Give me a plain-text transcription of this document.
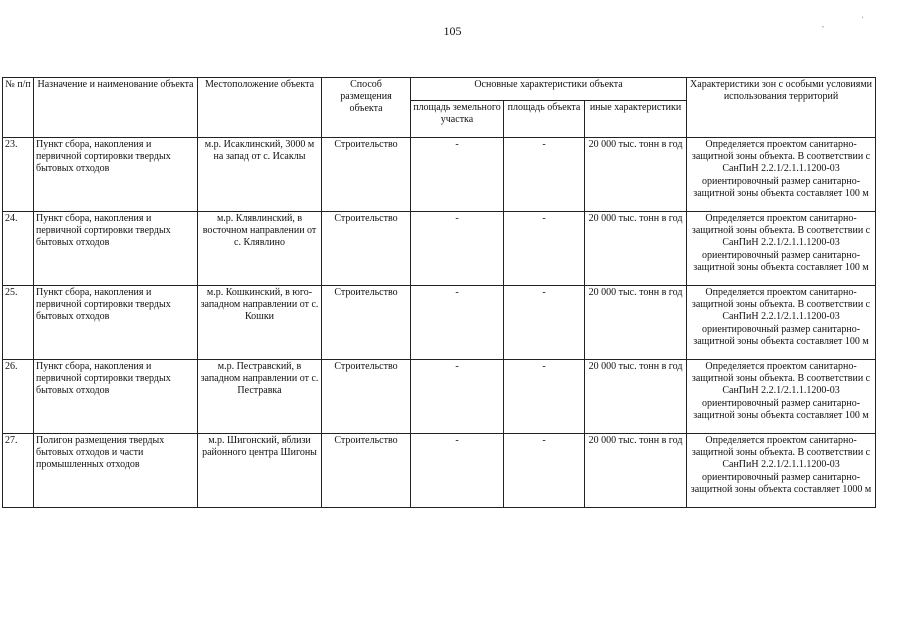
105	,
'
№ п/п	Назначение и наименование объекта	Местоположение объекта	Способ размещения объекта	Основные характеристики объекта			Характеристики зон с особыми условиями использования территорий
				площадь земельного участка	площадь объекта	иные характеристики	
23.	Пункт сбора, накопления и первичной сортировки твердых бытовых отходов	м.р. Исаклинский, 3000 м на запад от с. Исаклы	Строительство	-	-	20 000 тыс. тонн в год	Определяется проектом санитарно-защитной зоны объекта. В соответствии с СанПиН 2.2.1/2.1.1.1200-03 ориентировочный размер санитарно-защитной зоны объекта составляет 100 м
24.	Пункт сбора, накопления и первичной сортировки твердых бытовых отходов	м.р. Клявлинский, в восточном направлении от с. Клявлино	Строительство	-	-	20 000 тыс. тонн в год	Определяется проектом санитарно-защитной зоны объекта. В соответствии с СанПиН 2.2.1/2.1.1.1200-03 ориентировочный размер санитарно-защитной зоны объекта составляет 100 м
25.	Пункт сбора, накопления и первичной сортировки твердых бытовых отходов	м.р. Кошкинский, в юго-западном направлении от с. Кошки	Строительство	-	-	20 000 тыс. тонн в год	Определяется проектом санитарно-защитной зоны объекта. В соответствии с СанПиН 2.2.1/2.1.1.1200-03 ориентировочный размер санитарно-защитной зоны объекта составляет 100 м
26.	Пункт сбора, накопления и первичной сортировки твердых бытовых отходов	м.р. Пестравский, в западном направлении от с. Пестравка	Строительство	-	-	20 000 тыс. тонн в год	Определяется проектом санитарно-защитной зоны объекта. В соответствии с СанПиН 2.2.1/2.1.1.1200-03 ориентировочный размер санитарно-защитной зоны объекта составляет 100 м
27.	Полигон размещения твердых бытовых отходов и части промышленных отходов	м.р. Шигонский, вблизи районного центра Шигоны	Строительство	-	-	20 000 тыс. тонн в год	Определяется проектом санитарно-защитной зоны объекта. В соответствии с СанПиН 2.2.1/2.1.1.1200-03 ориентировочный размер санитарно-защитной зоны объекта составляет 1000 м
